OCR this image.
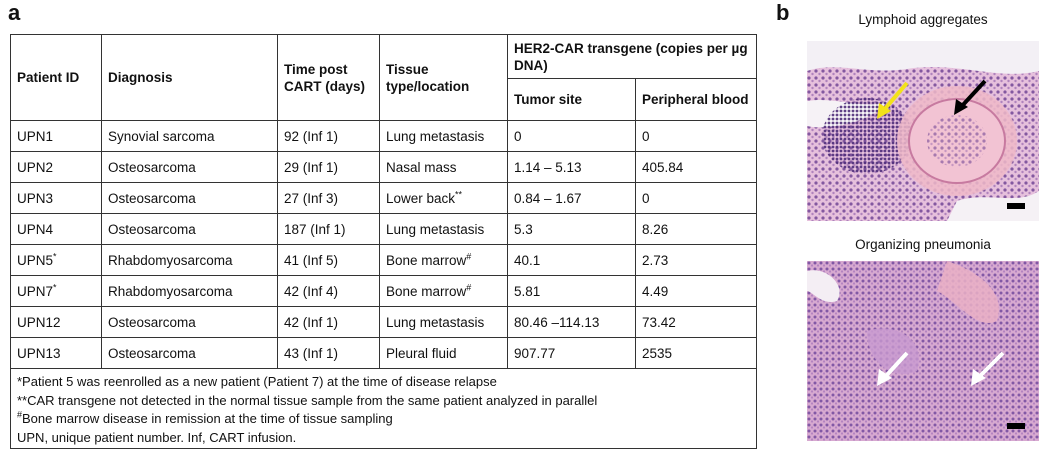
a	b
Patient ID	Diagnosis	Time post CART (days)	Tissue type/location	HER2-CAR transgene (copies per µg DNA)	
				Tumor site	Peripheral blood
UPN1	Synovial sarcoma	92 (Inf 1)	Lung metastasis	0	0
UPN2	Osteosarcoma	29 (Inf 1)	Nasal mass	1.14 – 5.13	405.84
UPN3	Osteosarcoma	27 (Inf 3)	Lower back**	0.84 – 1.67	0
UPN4	Osteosarcoma	187 (Inf 1)	Lung metastasis	5.3	8.26
UPN5*	Rhabdomyosarcoma	41 (Inf 5)	Bone marrow#	40.1	2.73
UPN7*	Rhabdomyosarcoma	42 (Inf 4)	Bone marrow#	5.81	4.49
UPN12	Osteosarcoma	42 (Inf 1)	Lung metastasis	80.46 –114.13	73.42
UPN13	Osteosarcoma	43 (Inf 1)	Pleural fluid	907.77	2535

*Patient 5 was reenrolled as a new patient (Patient 7) at the time of disease relapse
**CAR transgene not detected in the normal tissue sample from the same patient analyzed in parallel
#Bone marrow disease in remission at the time of tissue sampling
UPN, unique patient number. Inf, CART infusion.					
Lymphoid aggregates
Organizing pneumonia
